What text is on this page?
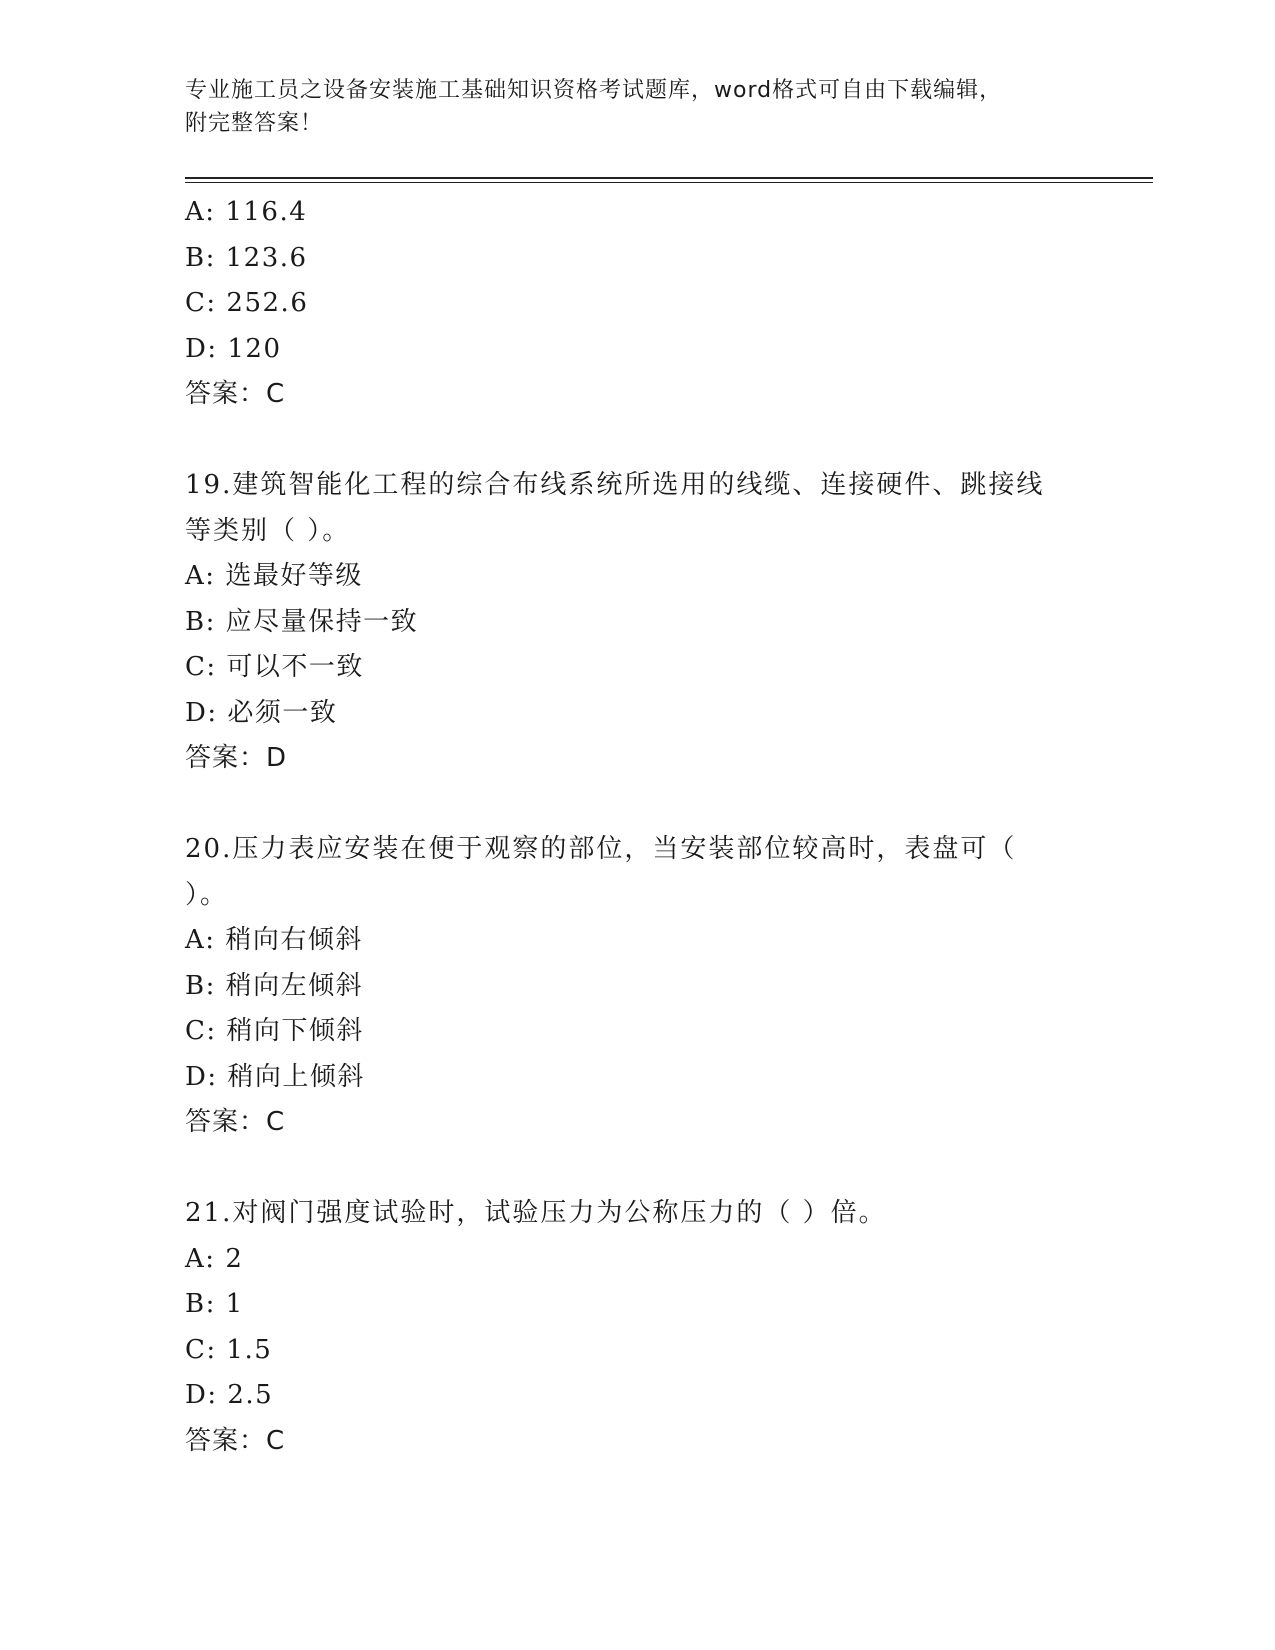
专业施工员之设备安装施工基础知识资格考试题库，word格式可自由下载编辑，
附完整答案！
A: 116.4
B: 123.6
C: 252.6
D: 120
答案：C
19.建筑智能化工程的综合布线系统所选用的线缆、连接硬件、跳接线
等类别（ ）。
A: 选最好等级
B: 应尽量保持一致
C: 可以不一致
D: 必须一致
答案：D
20.压力表应安装在便于观察的部位，当安装部位较高时，表盘可（
）。
A: 稍向右倾斜
B: 稍向左倾斜
C: 稍向下倾斜
D: 稍向上倾斜
答案：C
21.对阀门强度试验时，试验压力为公称压力的（ ）倍。
A: 2
B: 1
C: 1.5
D: 2.5
答案：C
